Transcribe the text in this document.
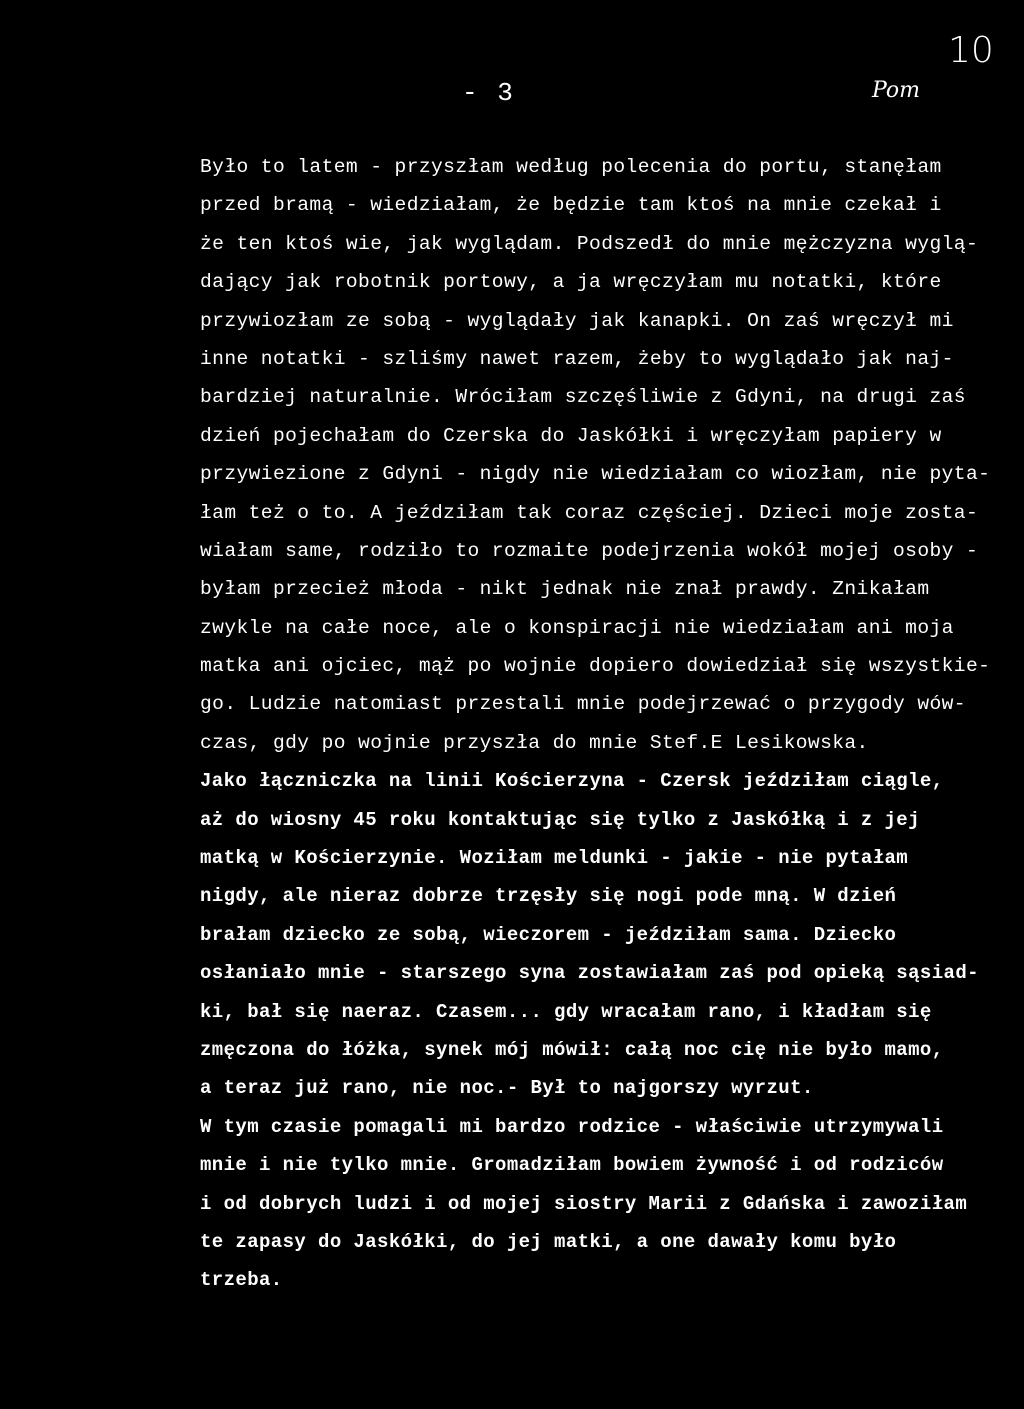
10
Pom
- 3
Było to latem - przyszłam według polecenia do portu, stanęłam
przed bramą - wiedziałam, że będzie tam ktoś na mnie czekał i
że ten ktoś wie, jak wyglądam. Podszedł do mnie mężczyzna wyglą-
dający jak robotnik portowy, a ja wręczyłam mu notatki, które
przywiozłam ze sobą - wyglądały jak kanapki. On zaś wręczył mi
inne notatki - szliśmy nawet razem, żeby to wyglądało jak naj-
bardziej naturalnie. Wróciłam szczęśliwie z Gdyni, na drugi zaś
dzień pojechałam do Czerska do Jaskółki i wręczyłam papiery w
przywiezione z Gdyni - nigdy nie wiedziałam co wiozłam, nie pyta-
łam też o to. A jeździłam tak coraz częściej. Dzieci moje zosta-
wiałam same, rodziło to rozmaite podejrzenia wokół mojej osoby -
byłam przecież młoda - nikt jednak nie znał prawdy. Znikałam
zwykle na całe noce, ale o konspiracji nie wiedziałam ani moja
matka ani ojciec, mąż po wojnie dopiero dowiedział się wszystkie-
go. Ludzie natomiast przestali mnie podejrzewać o przygody wów-
czas, gdy po wojnie przyszła do mnie Stef.E Lesikowska.
Jako łączniczka na linii Kościerzyna - Czersk jeździłam ciągle,
aż do wiosny 45 roku kontaktując się tylko z Jaskółką i z jej
matką w Kościerzynie. Woziłam meldunki - jakie - nie pytałam
nigdy, ale nieraz dobrze trzęsły się nogi pode mną. W dzień
brałam dziecko ze sobą, wieczorem - jeździłam sama. Dziecko
osłaniało mnie - starszego syna zostawiałam zaś pod opieką sąsiad-
ki, bał się naeraz. Czasem... gdy wracałam rano, i kładłam się
zmęczona do łóżka, synek mój mówił: całą noc cię nie było mamo,
a teraz już rano, nie noc.- Był to najgorszy wyrzut.
W tym czasie pomagali mi bardzo rodzice - właściwie utrzymywali
mnie i nie tylko mnie. Gromadziłam bowiem żywność i od rodziców
i od dobrych ludzi i od mojej siostry Marii z Gdańska i zawoziłam
te zapasy do Jaskółki, do jej matki, a one dawały komu było
trzeba.
